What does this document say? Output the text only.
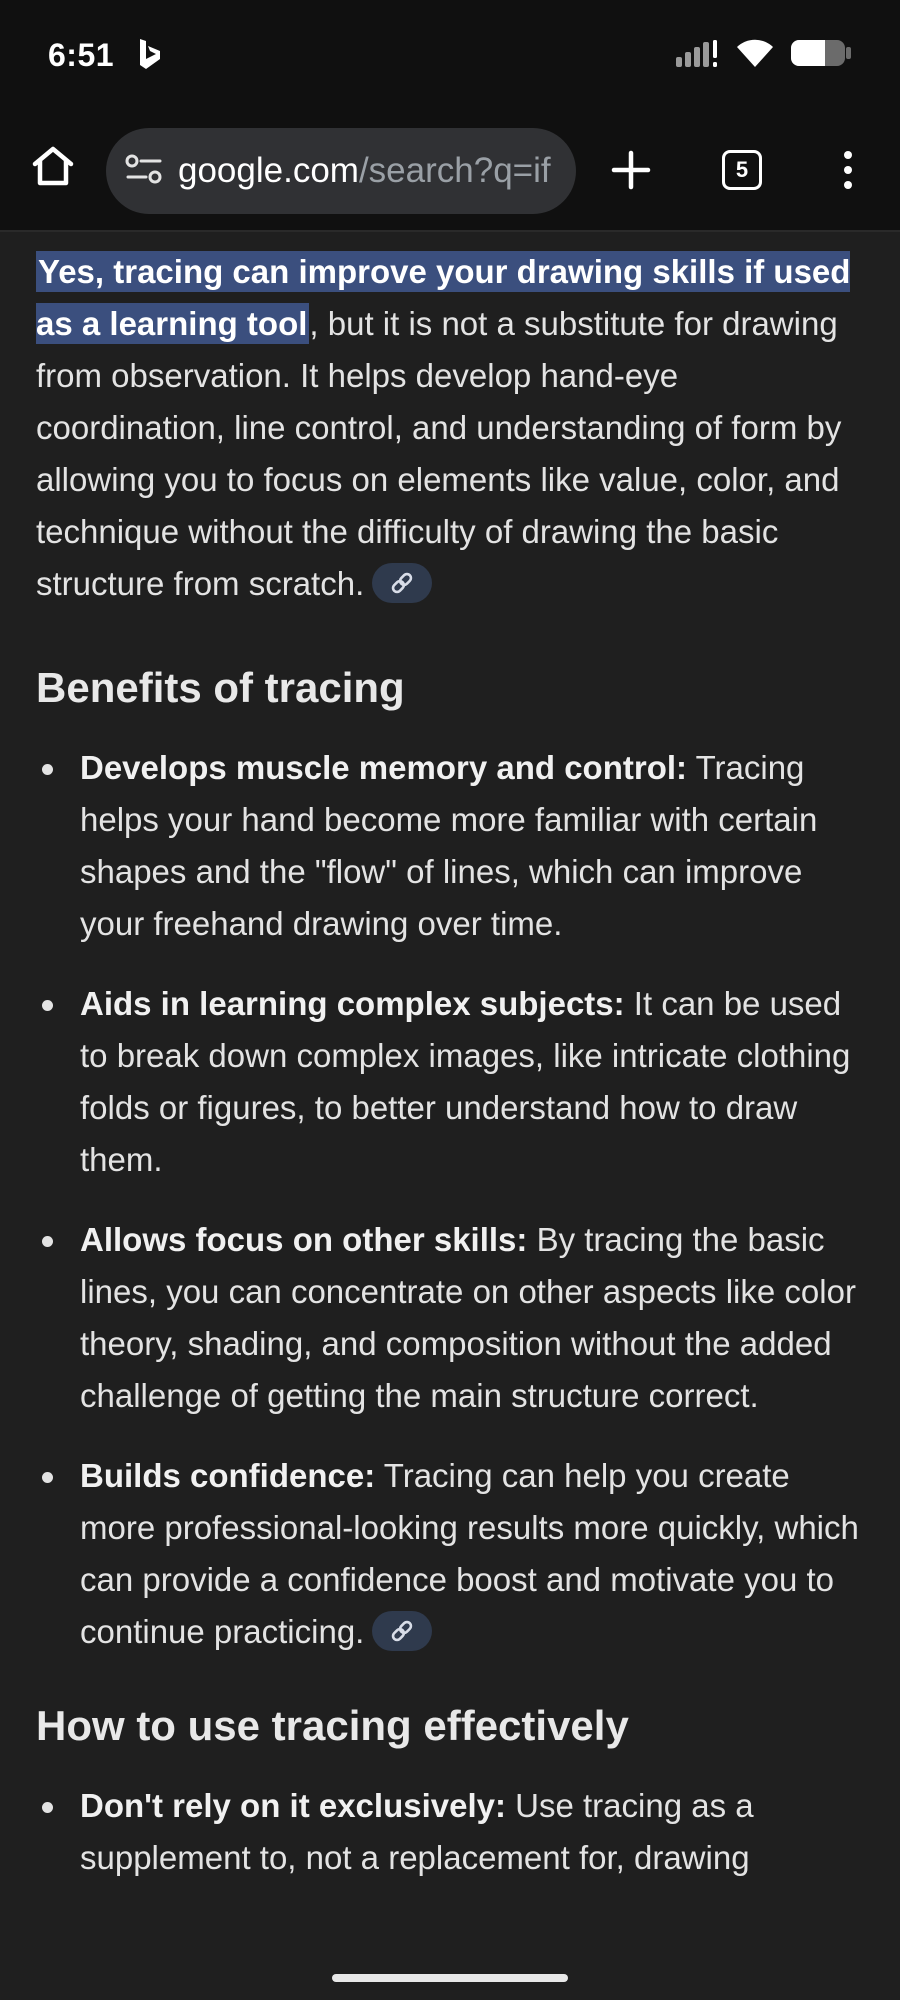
6:51
google.com/search?q=if	5

Yes, tracing can improve your drawing skills if used as a learning tool, but it is not a substitute for drawing from observation. It helps develop hand-eye coordination, line control, and understanding of form by allowing you to focus on elements like value, color, and technique without the difficulty of drawing the basic structure from scratch.

Benefits of tracing
Develops muscle memory and control: Tracing helps your hand become more familiar with certain shapes and the "flow" of lines, which can improve your freehand drawing over time.
Aids in learning complex subjects: It can be used to break down complex images, like intricate clothing folds or figures, to better understand how to draw them.
Allows focus on other skills: By tracing the basic lines, you can concentrate on other aspects like color theory, shading, and composition without the added challenge of getting the main structure correct.
Builds confidence: Tracing can help you create more professional-looking results more quickly, which can provide a confidence boost and motivate you to continue practicing.
How to use tracing effectively
Don't rely on it exclusively: Use tracing as a supplement to, not a replacement for, drawing
